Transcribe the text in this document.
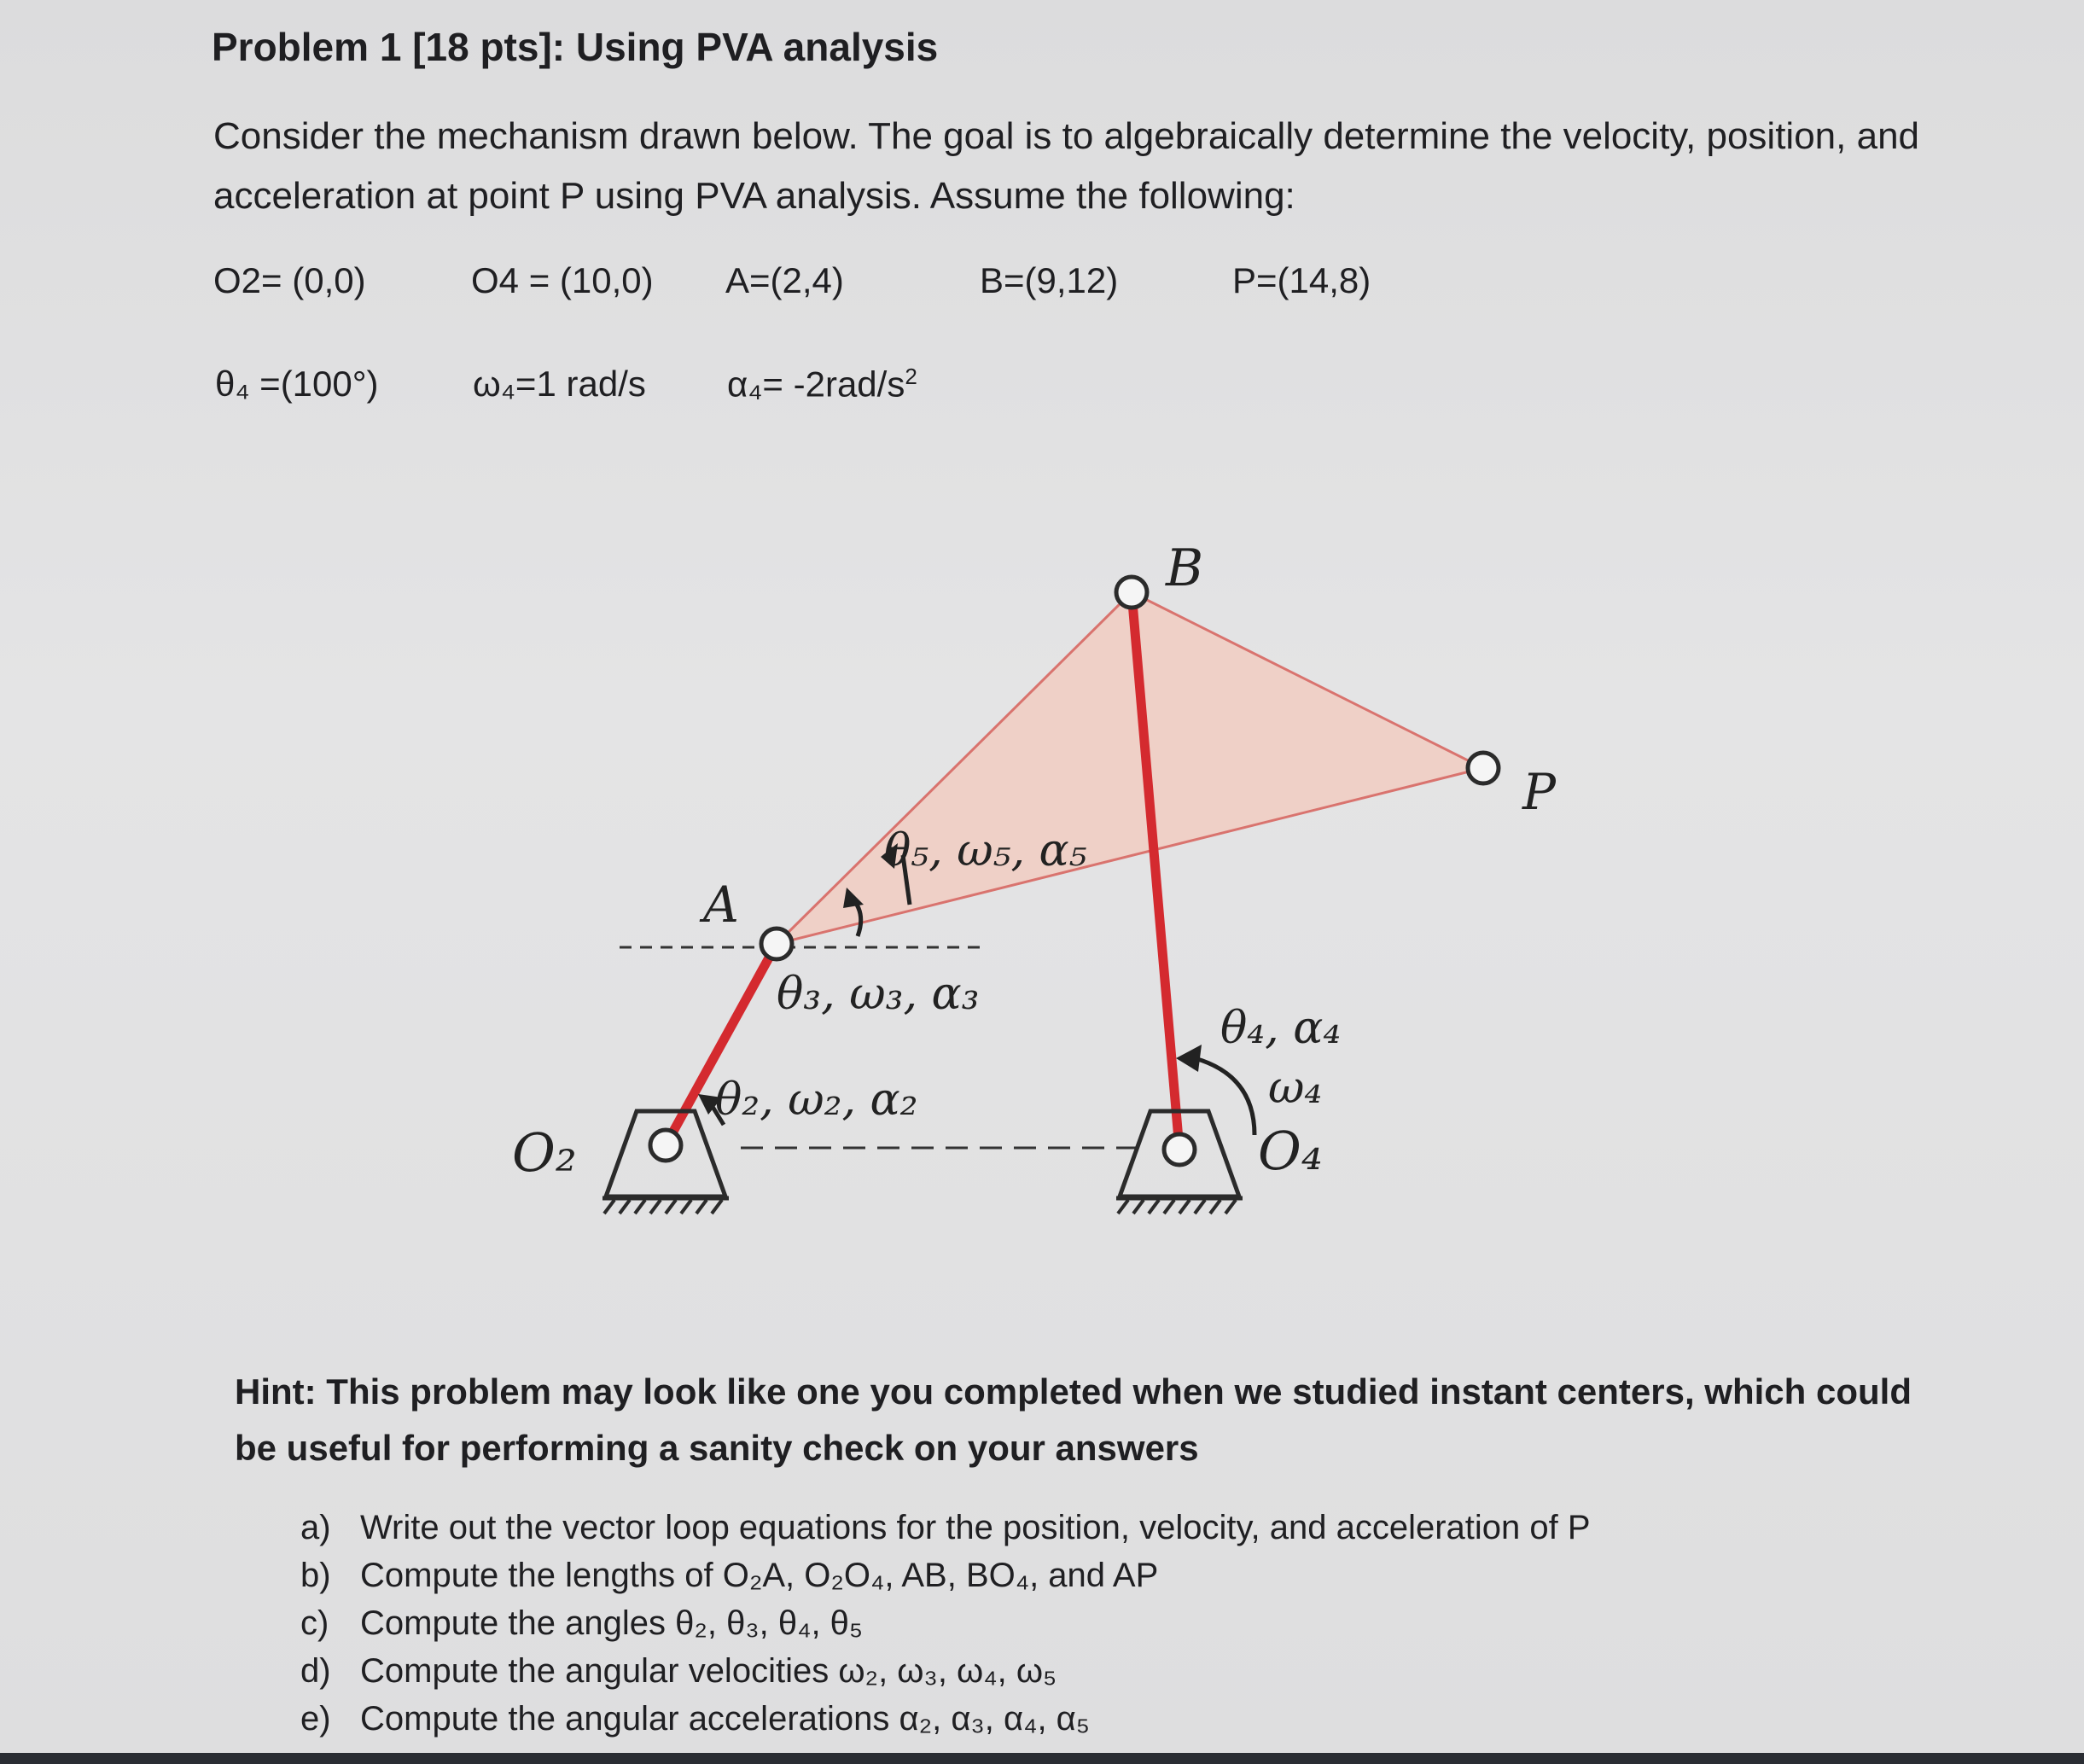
Problem 1 [18 pts]: Using PVA analysis
Consider the mechanism drawn below. The goal is to algebraically determine the velocity, position, and acceleration at point P using PVA analysis. Assume the following:
O2= (0,0)	O4 = (10,0) A=(2,4)	B=(9,12)	P=(14,8)
θ₄ =(100°)	ω₄=1 rad/s $\alpha_4= -2rad/s^2$
B
P
A
O₂	O₄
θ₅, ω₅, α₅
θ₃, ω₃, α₃
θ₂, ω₂, α₂
θ₄, α₄
ω₄
Hint: This problem may look like one you completed when we studied instant centers, which could be useful for performing a sanity check on your answers
a) Write out the vector loop equations for the position, velocity, and acceleration of P
b) Compute the lengths of O₂A, O₂O₄, AB, BO₄, and AP
c) Compute the angles θ₂, θ₃, θ₄, θ₅
d) Compute the angular velocities ω₂, ω₃, ω₄, ω₅
e) Compute the angular accelerations α₂, α₃, α₄, α₅
